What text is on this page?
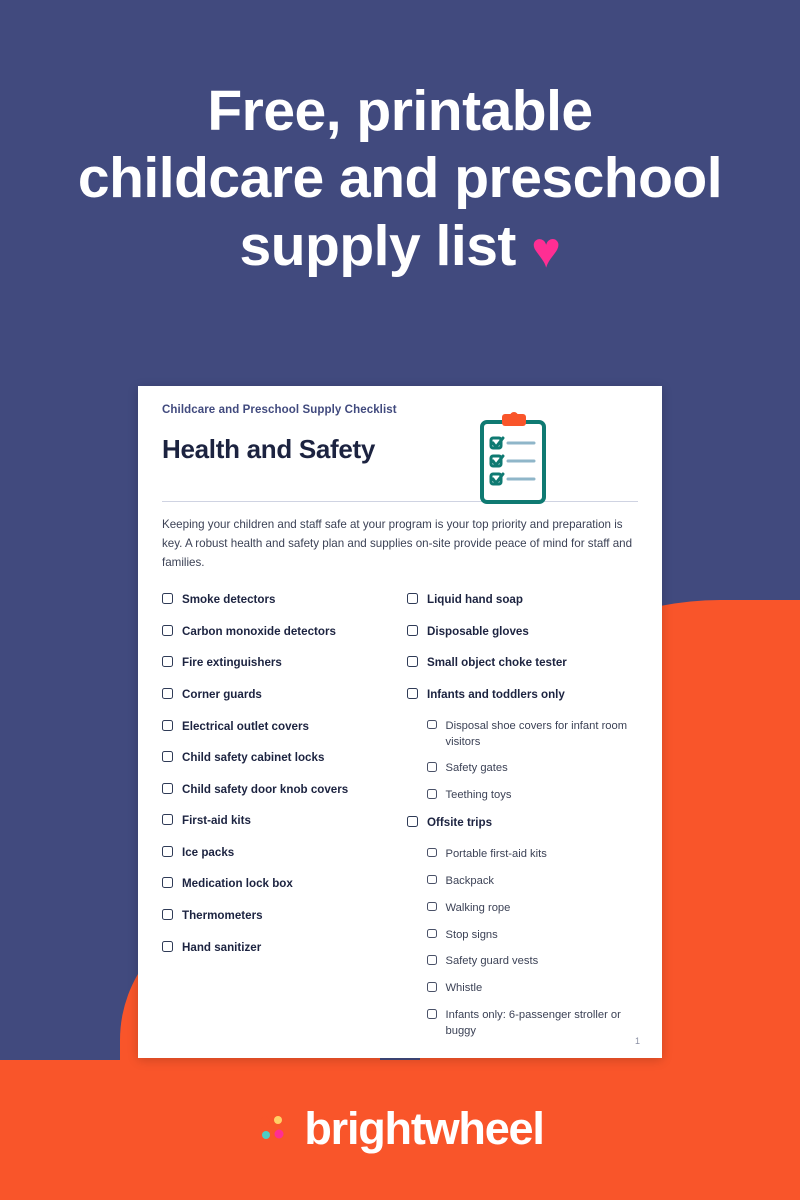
Free, printable
childcare and preschool
supply list ♥
Childcare and Preschool Supply Checklist
Health and Safety

Keeping your children and staff safe at your program is your top priority and preparation is key. A robust health and safety plan and supplies on-site provide peace of mind for staff and families.

Smoke detectors
Carbon monoxide detectors
Fire extinguishers
Corner guards
Electrical outlet covers
Child safety cabinet locks
Child safety door knob covers
First-aid kits
Ice packs
Medication lock box
Thermometers
Hand sanitizer
Liquid hand soap
Disposable gloves
Small object choke tester
Infants and toddlers only
Disposal shoe covers for infant room visitors
Safety gates
Teething toys
Offsite trips
Portable first-aid kits
Backpack
Walking rope
Stop signs
Safety guard vests
Whistle
Infants only: 6-passenger stroller or buggy
1
brightwheel
